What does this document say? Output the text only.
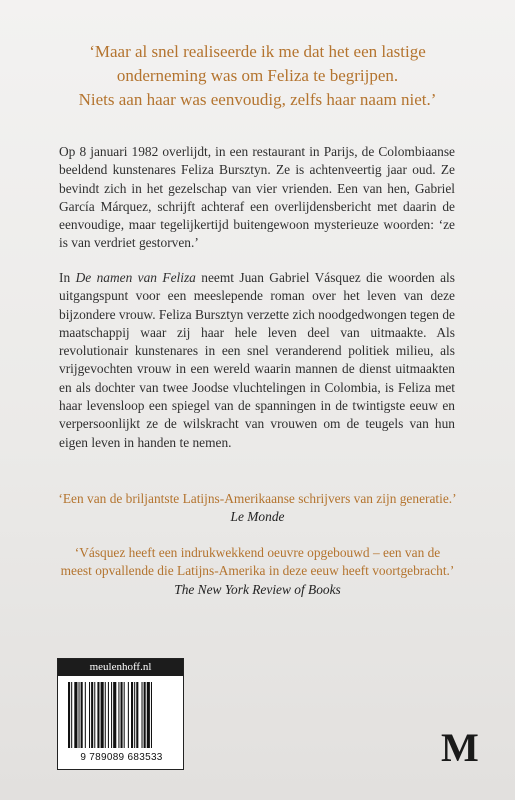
‘Maar al snel realiseerde ik me dat het een lastige
onderneming was om Feliza te begrijpen.
Niets aan haar was eenvoudig, zelfs haar naam niet.’

Op 8 januari 1982 overlijdt, in een restaurant in Parijs, de Colombiaanse beeldend kunstenares Feliza Bursztyn. Ze is achtenveertig jaar oud. Ze bevindt zich in het gezelschap van vier vrienden. Een van hen, Gabriel García Márquez, schrijft achteraf een overlijdensbericht met daarin de eenvoudige, maar tegelijkertijd buitengewoon mysterieuze woorden: ‘ze is van verdriet gestorven.’

In De namen van Feliza neemt Juan Gabriel Vásquez die woorden als uitgangspunt voor een meeslepende roman over het leven van deze bijzondere vrouw. Feliza Bursztyn verzette zich noodgedwongen tegen de maatschappij waar zij haar hele leven deel van uitmaakte. Als revolutionair kunstenares in een snel veranderend politiek milieu, als vrijgevochten vrouw in een wereld waarin mannen de dienst uitmaakten en als dochter van twee Joodse vluchtelingen in Colombia, is Feliza met haar levensloop een spiegel van de spanningen in de twintigste eeuw en verpersoonlijkt ze de wilskracht van vrouwen om de teugels van hun eigen leven in handen te nemen.

‘Een van de briljantste Latijns-Amerikaanse schrijvers van zijn generatie.’
Le Monde
‘Vásquez heeft een indrukwekkend oeuvre opgebouwd – een van de
meest opvallende die Latijns-Amerika in deze eeuw heeft voortgebracht.’
The New York Review of Books
meulenhoff.nl
9 789089 683533	M
